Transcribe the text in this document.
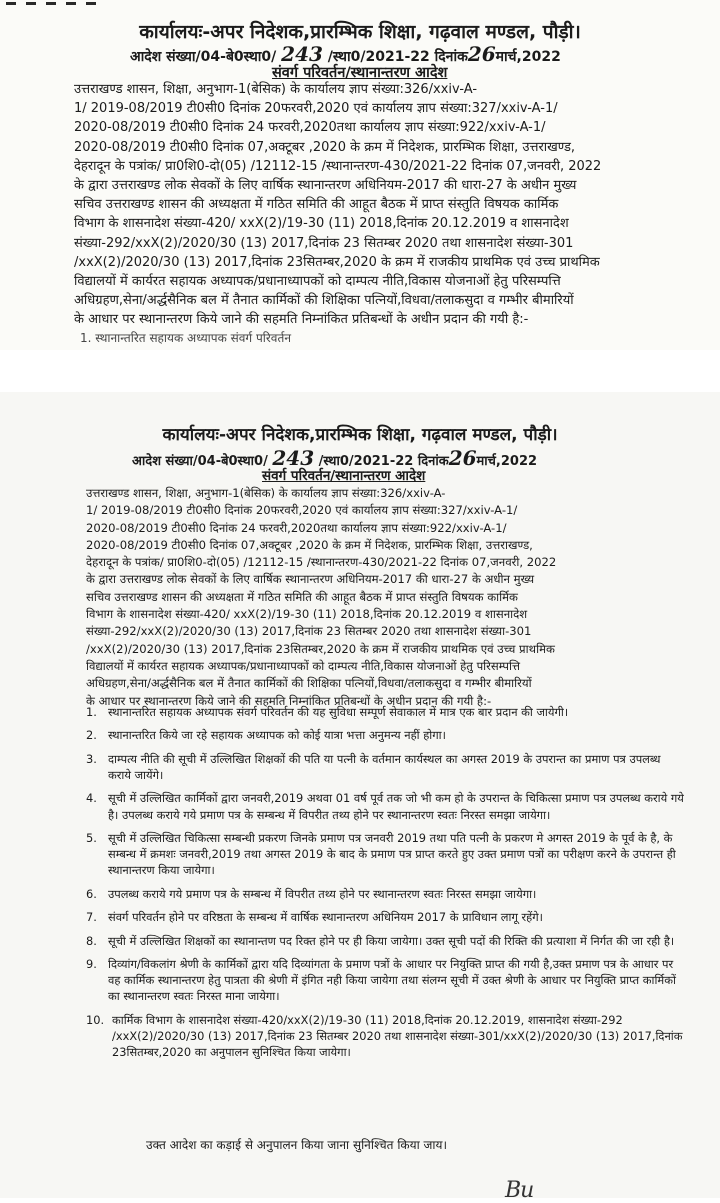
कार्यालयः-अपर निदेशक,प्रारम्भिक शिक्षा, गढ़वाल मण्डल, पौड़ी।
आदेश संख्या/04-बे0स्था0/ 243 /स्था0/2021-22 दिनांक26मार्च,2022
संवर्ग परिवर्तन/स्थानान्तरण आदेश
उत्तराखण्ड शासन, शिक्षा, अनुभाग-1(बेसिक) के कार्यालय ज्ञाप संख्या:326/xxiv-A-
1/ 2019-08/2019 टी0सी0 दिनांक 20फरवरी,2020 एवं कार्यालय ज्ञाप संख्या:327/xxiv-A-1/
2020-08/2019 टी0सी0 दिनांक 24 फरवरी,2020तथा कार्यालय ज्ञाप संख्या:922/xxiv-A-1/
2020-08/2019 टी0सी0 दिनांक 07,अक्टूबर ,2020 के क्रम में निदेशक, प्रारम्भिक शिक्षा, उत्तराखण्ड,
देहरादून के पत्रांक/ प्रा0शि0-दो(05) /12112-15 /स्थानान्तरण-430/2021-22 दिनांक 07,जनवरी, 2022
के द्वारा उत्तराखण्ड लोक सेवकों के लिए वार्षिक स्थानान्तरण अधिनियम-2017 की धारा-27 के अधीन मुख्य
सचिव उत्तराखण्ड शासन की अध्यक्षता में गठित समिति की आहूत बैठक में प्राप्त संस्तुति विषयक कार्मिक
विभाग के शासनादेश संख्या-420/ xxX(2)/19-30 (11) 2018,दिनांक 20.12.2019 व शासनादेश
संख्या-292/xxX(2)/2020/30 (13) 2017,दिनांक 23 सितम्बर 2020 तथा शासनादेश संख्या-301
/xxX(2)/2020/30 (13) 2017,दिनांक 23सितम्बर,2020 के क्रम में राजकीय प्राथमिक एवं उच्च प्राथमिक
विद्यालयों में कार्यरत सहायक अध्यापक/प्रधानाध्यापकों को दाम्पत्य नीति,विकास योजनाओं हेतु परिसम्पत्ति
अधिग्रहण,सेना/अर्द्धसैनिक बल में तैनात कार्मिकों की शिक्षिका पत्नियों,विधवा/तलाकसुदा व गम्भीर बीमारियों
के आधार पर स्थानान्तरण किये जाने की सहमति निम्नांकित प्रतिबन्धों के अधीन प्रदान की गयी है:-
1. स्थानान्तरित सहायक अध्यापक संवर्ग परिवर्तन
कार्यालयः-अपर निदेशक,प्रारम्भिक शिक्षा, गढ़वाल मण्डल, पौड़ी।
आदेश संख्या/04-बे0स्था0/ 243 /स्था0/2021-22 दिनांक26मार्च,2022
संवर्ग परिवर्तन/स्थानान्तरण आदेश
उत्तराखण्ड शासन, शिक्षा, अनुभाग-1(बेसिक) के कार्यालय ज्ञाप संख्या:326/xxiv-A-
1/ 2019-08/2019 टी0सी0 दिनांक 20फरवरी,2020 एवं कार्यालय ज्ञाप संख्या:327/xxiv-A-1/
2020-08/2019 टी0सी0 दिनांक 24 फरवरी,2020तथा कार्यालय ज्ञाप संख्या:922/xxiv-A-1/
2020-08/2019 टी0सी0 दिनांक 07,अक्टूबर ,2020 के क्रम में निदेशक, प्रारम्भिक शिक्षा, उत्तराखण्ड,
देहरादून के पत्रांक/ प्रा0शि0-दो(05) /12112-15 /स्थानान्तरण-430/2021-22 दिनांक 07,जनवरी, 2022
के द्वारा उत्तराखण्ड लोक सेवकों के लिए वार्षिक स्थानान्तरण अधिनियम-2017 की धारा-27 के अधीन मुख्य
सचिव उत्तराखण्ड शासन की अध्यक्षता में गठित समिति की आहूत बैठक में प्राप्त संस्तुति विषयक कार्मिक
विभाग के शासनादेश संख्या-420/ xxX(2)/19-30 (11) 2018,दिनांक 20.12.2019 व शासनादेश
संख्या-292/xxX(2)/2020/30 (13) 2017,दिनांक 23 सितम्बर 2020 तथा शासनादेश संख्या-301
/xxX(2)/2020/30 (13) 2017,दिनांक 23सितम्बर,2020 के क्रम में राजकीय प्राथमिक एवं उच्च प्राथमिक
विद्यालयों में कार्यरत सहायक अध्यापक/प्रधानाध्यापकों को दाम्पत्य नीति,विकास योजनाओं हेतु परिसम्पत्ति
अधिग्रहण,सेना/अर्द्धसैनिक बल में तैनात कार्मिकों की शिक्षिका पत्नियों,विधवा/तलाकसुदा व गम्भीर बीमारियों
के आधार पर स्थानान्तरण किये जाने की सहमति निम्नांकित प्रतिबन्धों के अधीन प्रदान की गयी है:-
1. स्थानान्तरित सहायक अध्यापक संवर्ग परिवर्तन की यह सुविधा सम्पूर्ण सेवाकाल में मात्र एक बार प्रदान की जायेगी।
2. स्थानान्तरित किये जा रहे सहायक अध्यापक को कोई यात्रा भत्ता अनुमन्य नहीं होगा।
3. दाम्पत्य नीति की सूची में उल्लिखित शिक्षकों की पति या पत्नी के वर्तमान कार्यस्थल का अगस्त 2019 के उपरान्त का प्रमाण पत्र उपलब्ध कराये जायेंगे।
4. सूची में उल्लिखित कार्मिकों द्वारा जनवरी,2019 अथवा 01 वर्ष पूर्व तक जो भी कम हो के उपरान्त के चिकित्सा प्रमाण पत्र उपलब्ध कराये गये है। उपलब्ध कराये गये प्रमाण पत्र के सम्बन्ध में विपरीत तथ्य होने पर स्थानान्तरण स्वतः निरस्त समझा जायेगा।
5. सूची में उल्लिखित चिकित्सा सम्बन्धी प्रकरण जिनके प्रमाण पत्र जनवरी 2019 तथा पति पत्नी के प्रकरण मे अगस्त 2019 के पूर्व के है, के सम्बन्ध में क्रमशः जनवरी,2019 तथा अगस्त 2019 के बाद के प्रमाण पत्र प्राप्त करते हुए उक्त प्रमाण पत्रों का परीक्षण करने के उपरान्त ही स्थानान्तरण किया जायेगा।
6. उपलब्ध कराये गये प्रमाण पत्र के सम्बन्ध में विपरीत तथ्य होने पर स्थानान्तरण स्वतः निरस्त समझा जायेगा।
7. संवर्ग परिवर्तन होने पर वरिष्ठता के सम्बन्ध में वार्षिक स्थानान्तरण अधिनियम 2017 के प्राविधान लागू रहेंगे।
8. सूची में उल्लिखित शिक्षकों का स्थानान्तण पद रिक्त होने पर ही किया जायेगा। उक्त सूची पदों की रिक्ति की प्रत्याशा में निर्गत की जा रही है।
9. दिव्यांग/विकलांग श्रेणी के कार्मिकों द्वारा यदि दिव्यांगता के प्रमाण पत्रों के आधार पर नियुक्ति प्राप्त की गयी है,उक्त प्रमाण पत्र के आधार पर वह कार्मिक स्थानान्तरण हेतु पात्रता की श्रेणी में इंगित नही किया जायेगा तथा संलग्न सूची में उक्त श्रेणी के आधार पर नियुक्ति प्राप्त कार्मिकों का स्थानान्तरण स्वतः निरस्त माना जायेगा।
10. कार्मिक विभाग के शासनादेश संख्या-420/xxX(2)/19-30 (11) 2018,दिनांक 20.12.2019, शासनादेश संख्या-292 /xxX(2)/2020/30 (13) 2017,दिनांक 23 सितम्बर 2020 तथा शासनादेश संख्या-301/xxX(2)/2020/30 (13) 2017,दिनांक 23सितम्बर,2020 का अनुपालन सुनिश्चित किया जायेगा।
उक्त आदेश का कड़ाई से अनुपालन किया जाना सुनिश्चित किया जाय।
Bu
